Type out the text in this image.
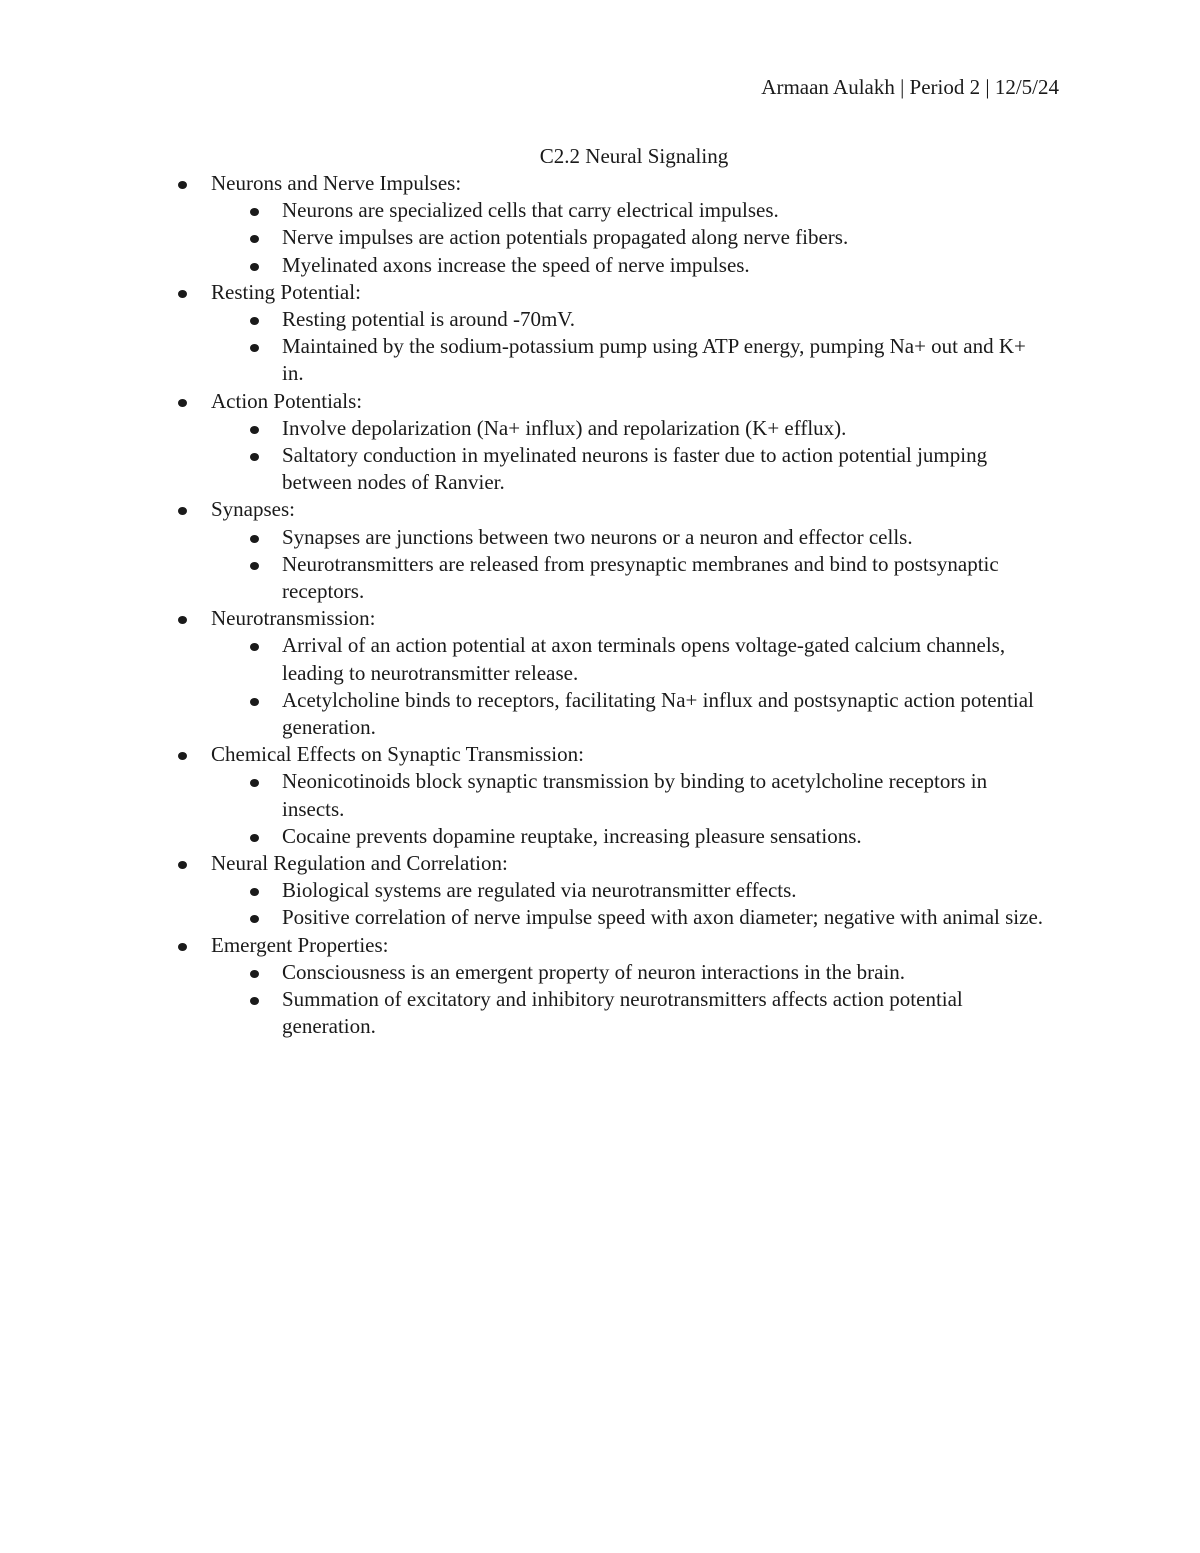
Armaan Aulakh | Period 2 | 12/5/24
C2.2 Neural Signaling
Neurons and Nerve Impulses:
Neurons are specialized cells that carry electrical impulses.
Nerve impulses are action potentials propagated along nerve fibers.
Myelinated axons increase the speed of nerve impulses.
Resting Potential:
Resting potential is around -70mV.
Maintained by the sodium-potassium pump using ATP energy, pumping Na+ out and K+ in.
Action Potentials:
Involve depolarization (Na+ influx) and repolarization (K+ efflux).
Saltatory conduction in myelinated neurons is faster due to action potential jumping between nodes of Ranvier.
Synapses:
Synapses are junctions between two neurons or a neuron and effector cells.
Neurotransmitters are released from presynaptic membranes and bind to postsynaptic receptors.
Neurotransmission:
Arrival of an action potential at axon terminals opens voltage-gated calcium channels, leading to neurotransmitter release.
Acetylcholine binds to receptors, facilitating Na+ influx and postsynaptic action potential generation.
Chemical Effects on Synaptic Transmission:
Neonicotinoids block synaptic transmission by binding to acetylcholine receptors in insects.
Cocaine prevents dopamine reuptake, increasing pleasure sensations.
Neural Regulation and Correlation:
Biological systems are regulated via neurotransmitter effects.
Positive correlation of nerve impulse speed with axon diameter; negative with animal size.
Emergent Properties:
Consciousness is an emergent property of neuron interactions in the brain.
Summation of excitatory and inhibitory neurotransmitters affects action potential generation.
